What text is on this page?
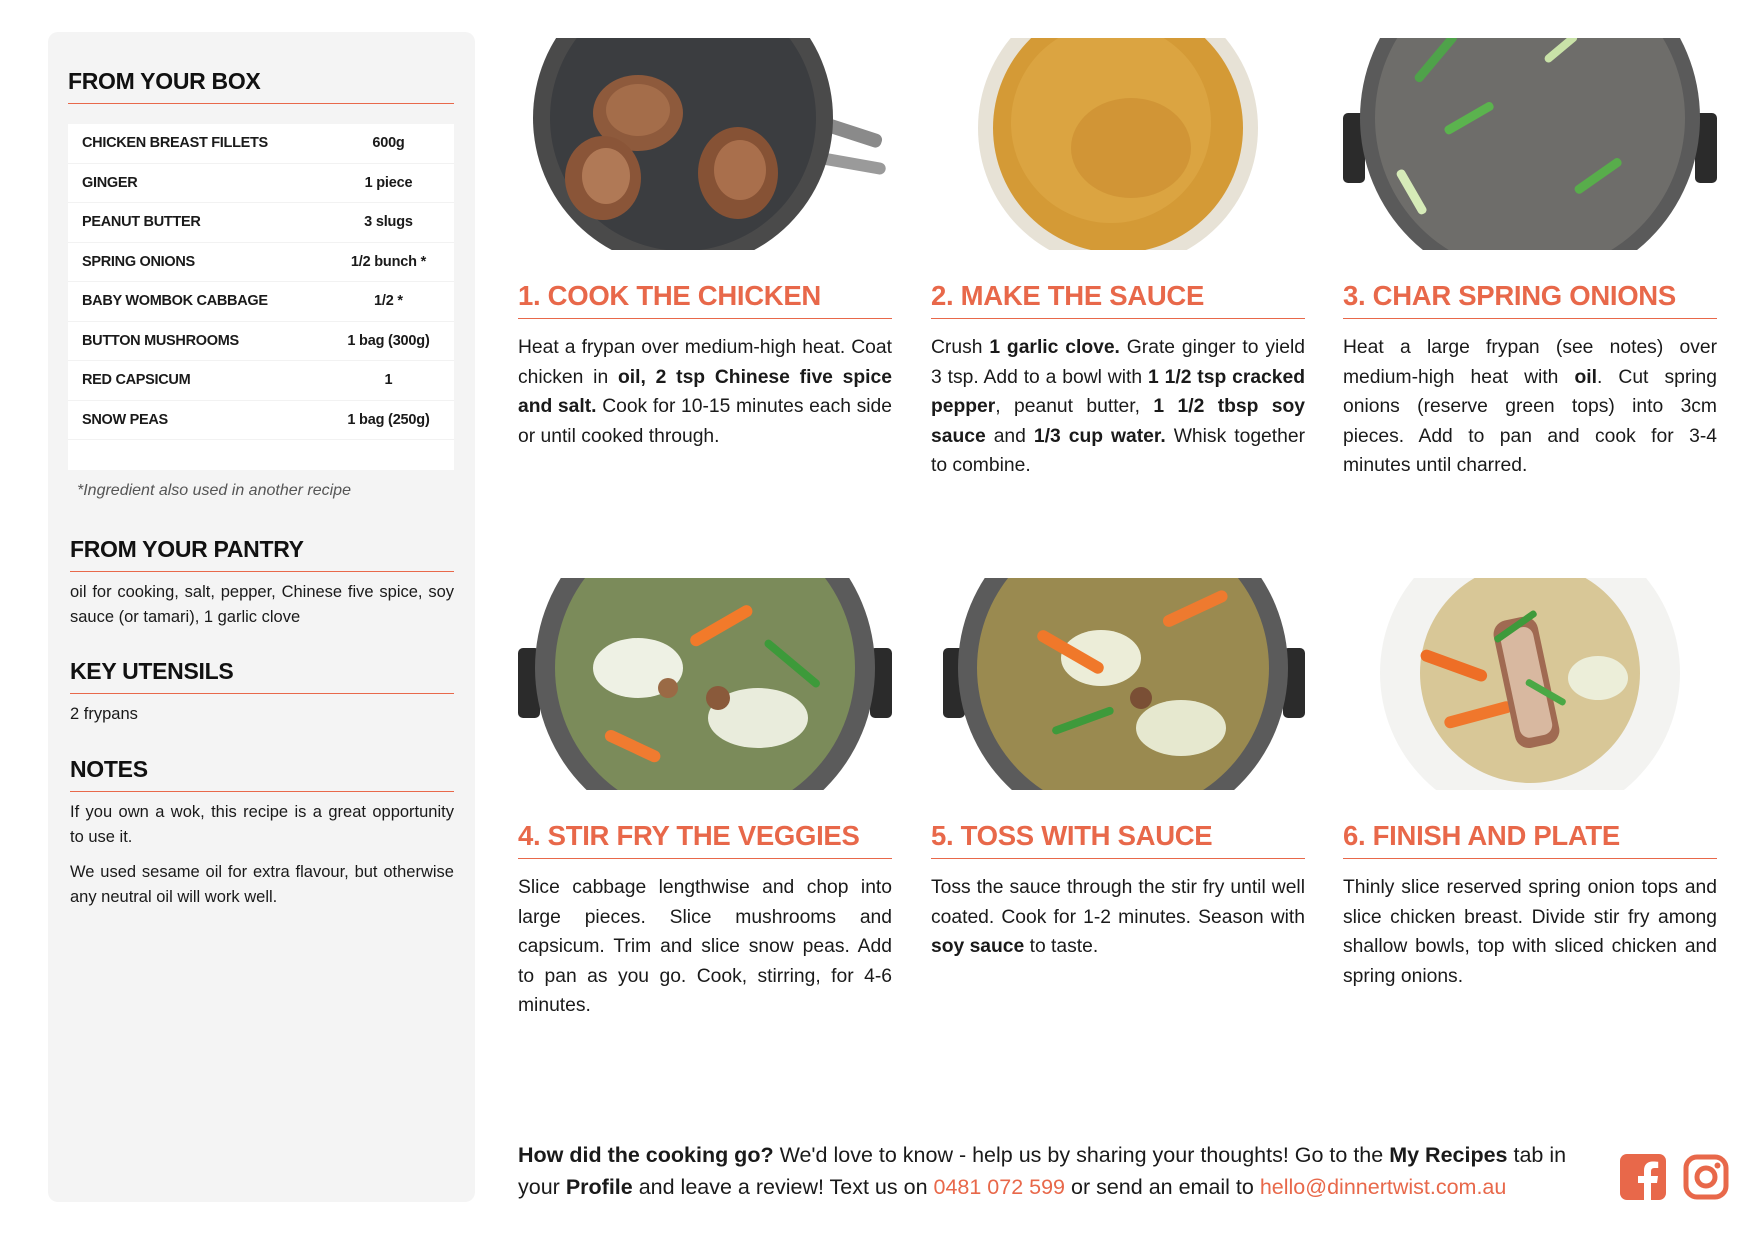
FROM YOUR BOX
CHICKEN BREAST FILLETS	600g
GINGER	1 piece
PEANUT BUTTER	3 slugs
SPRING ONIONS	1/2 bunch *
BABY WOMBOK CABBAGE	1/2 *
BUTTON MUSHROOMS	1 bag (300g)
RED CAPSICUM	1
SNOW PEAS	1 bag (250g)
*Ingredient also used in another recipe
FROM YOUR PANTRY
oil for cooking, salt, pepper, Chinese five spice, soy sauce (or tamari), 1 garlic clove
KEY UTENSILS
2 frypans
NOTES

If you own a wok, this recipe is a great opportunity to use it.

We used sesame oil for extra flavour, but otherwise any neutral oil will work well.

1. COOK THE CHICKEN
Heat a frypan over medium-high heat. Coat chicken in oil, 2 tsp Chinese five spice and salt. Cook for 10-15 minutes each side or until cooked through.
2. MAKE THE SAUCE
Crush 1 garlic clove. Grate ginger to yield 3 tsp. Add to a bowl with 1 1/2 tsp cracked pepper, peanut butter, 1 1/2 tbsp soy sauce and 1/3 cup water. Whisk together to combine.
3. CHAR SPRING ONIONS
Heat a large frypan (see notes) over medium-high heat with oil. Cut spring onions (reserve green tops) into 3cm pieces. Add to pan and cook for 3-4 minutes until charred.
4. STIR FRY THE VEGGIES
Slice cabbage lengthwise and chop into large pieces. Slice mushrooms and capsicum. Trim and slice snow peas. Add to pan as you go. Cook, stirring, for 4-6 minutes.
5. TOSS WITH SAUCE
Toss the sauce through the stir fry until well coated. Cook for 1-2 minutes. Season with soy sauce to taste.
6. FINISH AND PLATE
Thinly slice reserved spring onion tops and slice chicken breast. Divide stir fry among shallow bowls, top with sliced chicken and spring onions.
How did the cooking go? We'd love to know - help us by sharing your thoughts! Go to the My Recipes tab in your Profile and leave a review! Text us on 0481 072 599 or send an email to hello@dinnertwist.com.au
